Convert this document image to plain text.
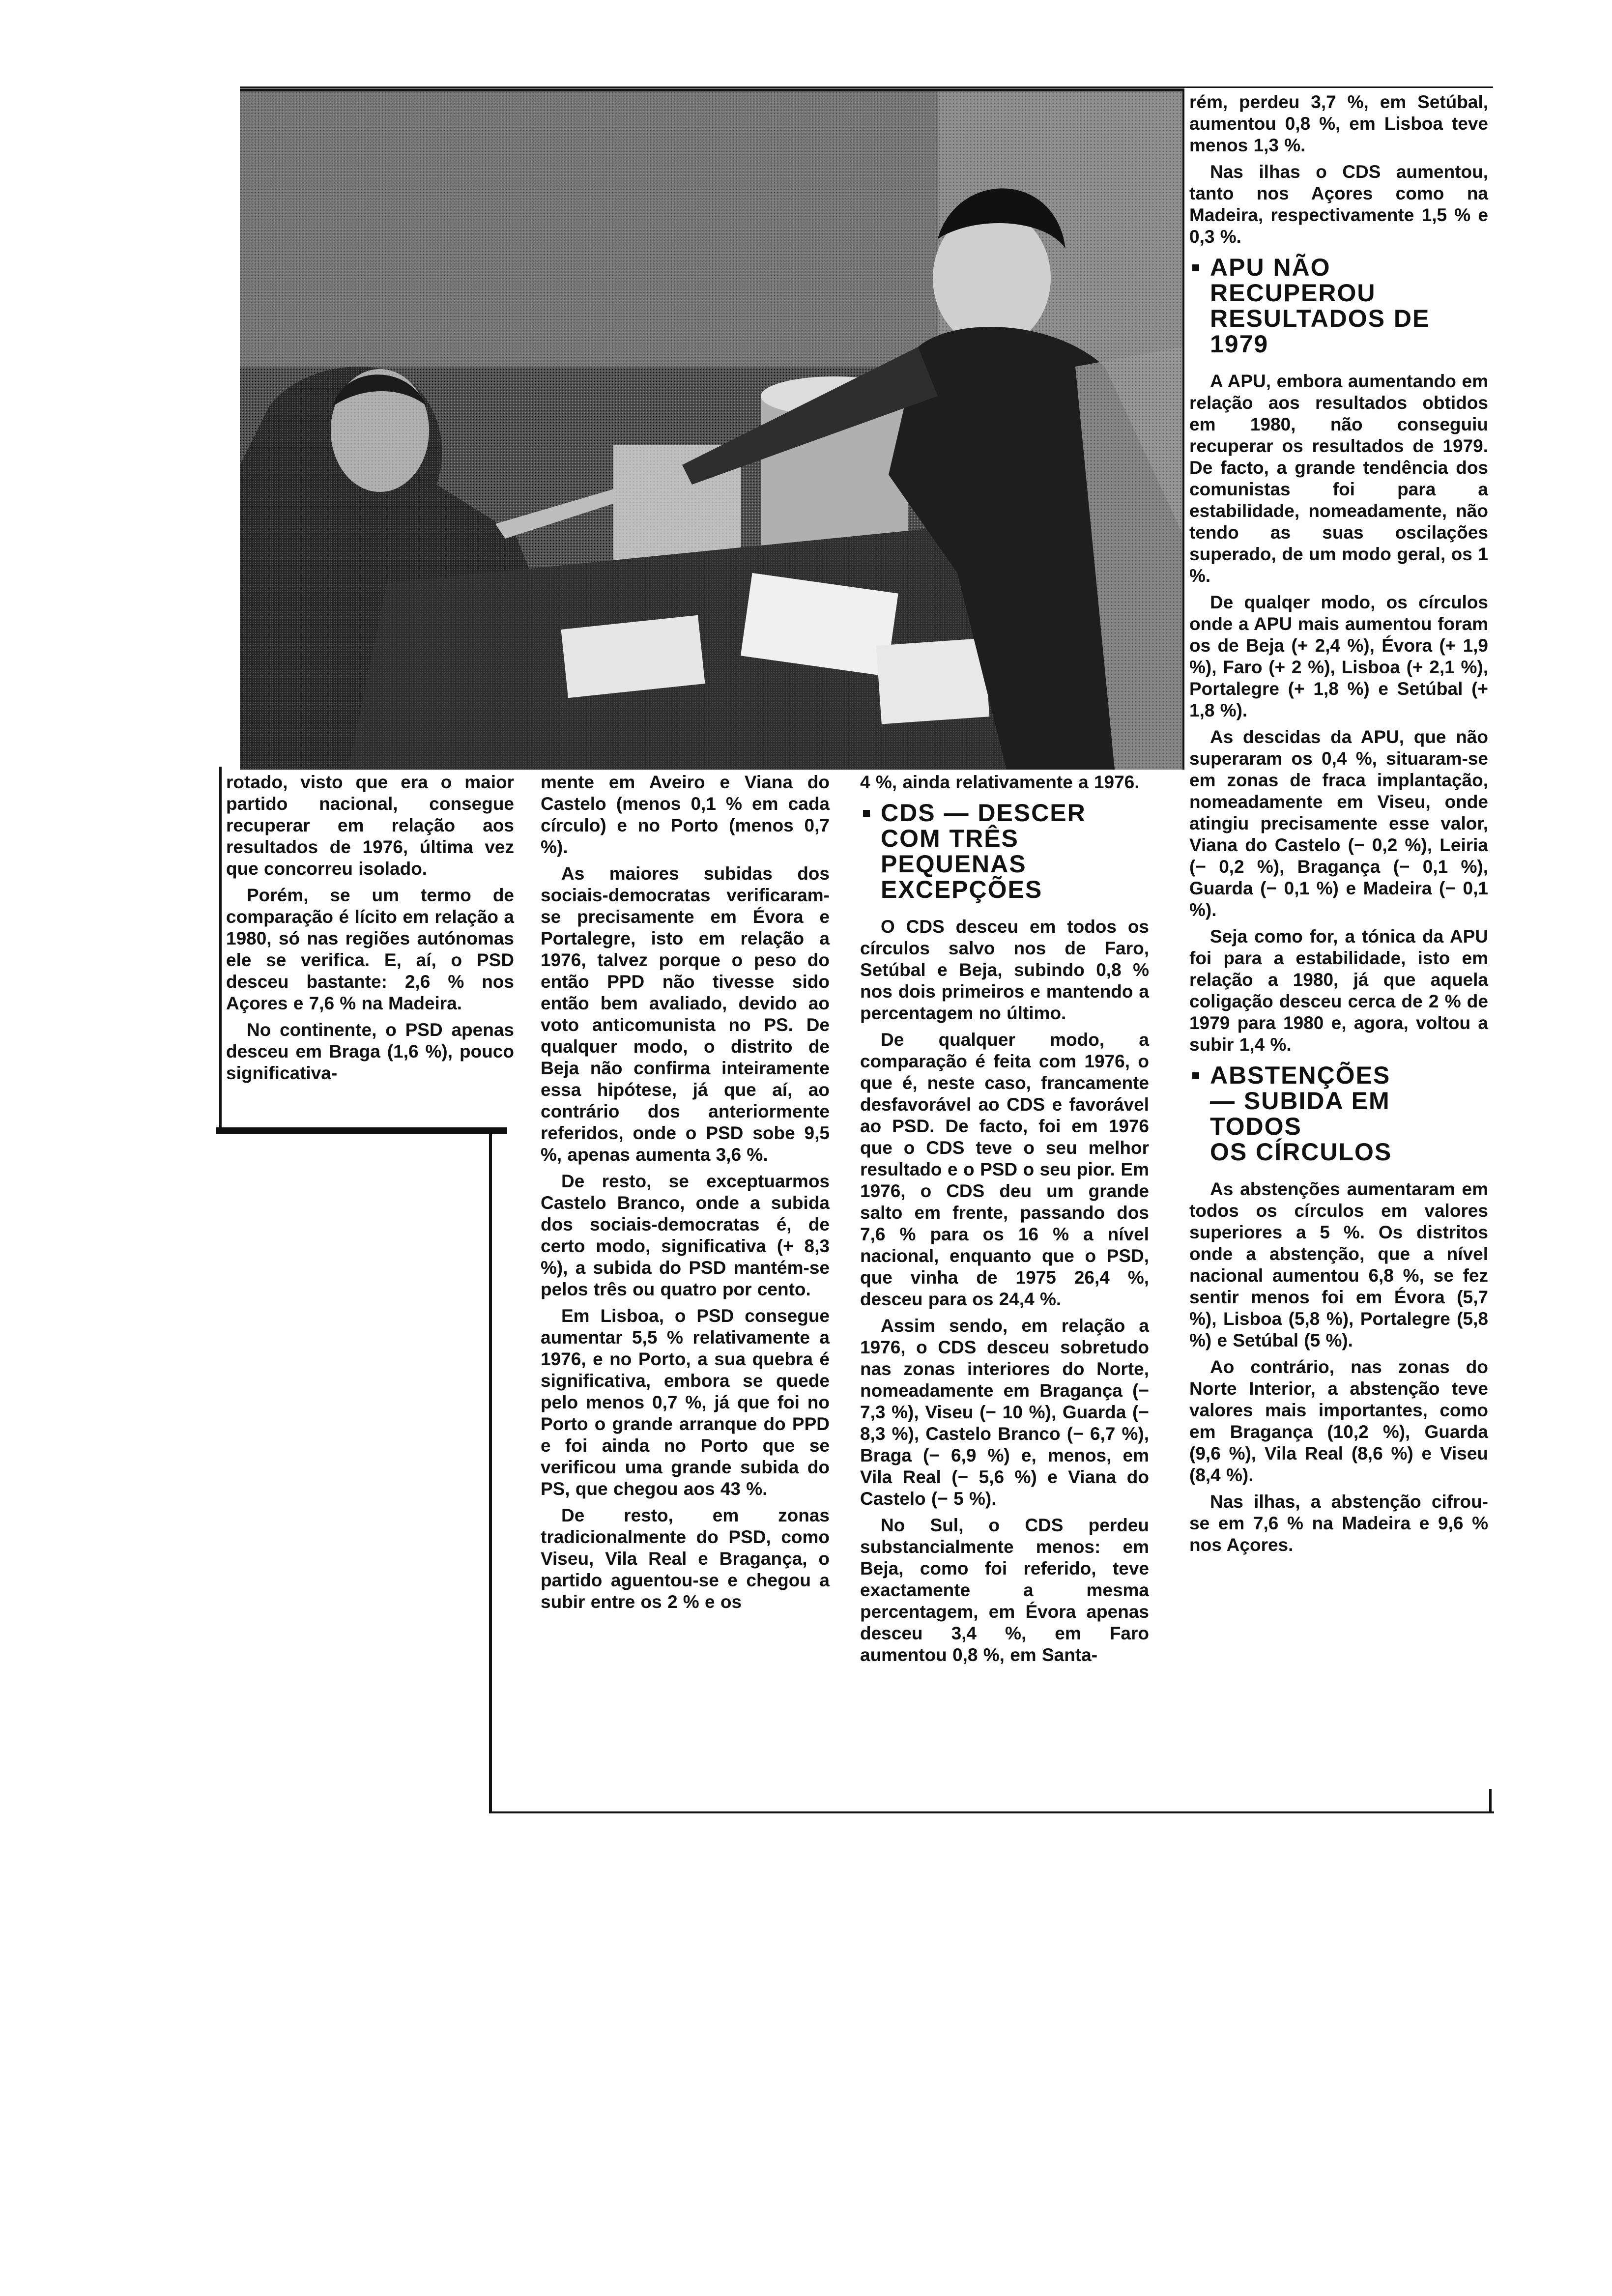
rotado, visto que era o maior partido nacional, consegue recuperar em relação aos resultados de 1976, última vez que concorreu isolado.

Porém, se um termo de comparação é lícito em relação a 1980, só nas regiões autónomas ele se verifica. E, aí, o PSD desceu bastante: 2,6 % nos Açores e 7,6 % na Madeira.

No continente, o PSD apenas desceu em Braga (1,6 %), pouco significativa-

mente em Aveiro e Viana do Castelo (menos 0,1 % em cada círculo) e no Porto (menos 0,7 %).

As maiores subidas dos sociais-democratas verificaram-se precisamente em Évora e Portalegre, isto em relação a 1976, talvez porque o peso do então PPD não tivesse sido então bem avaliado, devido ao voto anticomunista no PS. De qualquer modo, o distrito de Beja não confirma inteiramente essa hipótese, já que aí, ao contrário dos anteriormente referidos, onde o PSD sobe 9,5 %, apenas aumenta 3,6 %.

De resto, se exceptuarmos Castelo Branco, onde a subida dos sociais-democratas é, de certo modo, significativa (+ 8,3 %), a subida do PSD mantém-se pelos três ou quatro por cento.

Em Lisboa, o PSD consegue aumentar 5,5 % relativamente a 1976, e no Porto, a sua quebra é significativa, embora se quede pelo menos 0,7 %, já que foi no Porto o grande arranque do PPD e foi ainda no Porto que se verificou uma grande subida do PS, que chegou aos 43 %.

De resto, em zonas tradicionalmente do PSD, como Viseu, Vila Real e Bragança, o partido aguentou-se e chegou a subir entre os 2 % e os

4 %, ainda relativamente a 1976.

CDS — DESCER
COM TRÊS
PEQUENAS
EXCEPÇÕES

O CDS desceu em todos os círculos salvo nos de Faro, Setúbal e Beja, subindo 0,8 % nos dois primeiros e mantendo a percentagem no último.

De qualquer modo, a comparação é feita com 1976, o que é, neste caso, francamente desfavorável ao CDS e favorável ao PSD. De facto, foi em 1976 que o CDS teve o seu melhor resultado e o PSD o seu pior. Em 1976, o CDS deu um grande salto em frente, passando dos 7,6 % para os 16 % a nível nacional, enquanto que o PSD, que vinha de 1975 26,4 %, desceu para os 24,4 %.

Assim sendo, em relação a 1976, o CDS desceu sobretudo nas zonas interiores do Norte, nomeadamente em Bragança (− 7,3 %), Viseu (− 10 %), Guarda (− 8,3 %), Castelo Branco (− 6,7 %), Braga (− 6,9 %) e, menos, em Vila Real (− 5,6 %) e Viana do Castelo (− 5 %).

No Sul, o CDS perdeu substancialmente menos: em Beja, como foi referido, teve exactamente a mesma percentagem, em Évora apenas desceu 3,4 %, em Faro aumentou 0,8 %, em Santa-

rém, perdeu 3,7 %, em Setúbal, aumentou 0,8 %, em Lisboa teve menos 1,3 %.

Nas ilhas o CDS aumentou, tanto nos Açores como na Madeira, respectivamente 1,5 % e 0,3 %.

APU NÃO
RECUPEROU
RESULTADOS DE
1979

A APU, embora aumentando em relação aos resultados obtidos em 1980, não conseguiu recuperar os resultados de 1979. De facto, a grande tendência dos comunistas foi para a estabilidade, nomeadamente, não tendo as suas oscilações superado, de um modo geral, os 1 %.

De qualqer modo, os círculos onde a APU mais aumentou foram os de Beja (+ 2,4 %), Évora (+ 1,9 %), Faro (+ 2 %), Lisboa (+ 2,1 %), Portalegre (+ 1,8 %) e Setúbal (+ 1,8 %).

As descidas da APU, que não superaram os 0,4 %, situaram-se em zonas de fraca implantação, nomeadamente em Viseu, onde atingiu precisamente esse valor, Viana do Castelo (− 0,2 %), Leiria (− 0,2 %), Bragança (− 0,1 %), Guarda (− 0,1 %) e Madeira (− 0,1 %).

Seja como for, a tónica da APU foi para a estabilidade, isto em relação a 1980, já que aquela coligação desceu cerca de 2 % de 1979 para 1980 e, agora, voltou a subir 1,4 %.

ABSTENÇÕES
— SUBIDA EM
TODOS
OS CÍRCULOS

As abstenções aumentaram em todos os círculos em valores superiores a 5 %. Os distritos onde a abstenção, que a nível nacional aumentou 6,8 %, se fez sentir menos foi em Évora (5,7 %), Lisboa (5,8 %), Portalegre (5,8 %) e Setúbal (5 %).

Ao contrário, nas zonas do Norte Interior, a abstenção teve valores mais importantes, como em Bragança (10,2 %), Guarda (9,6 %), Vila Real (8,6 %) e Viseu (8,4 %).

Nas ilhas, a abstenção cifrou-se em 7,6 % na Madeira e 9,6 % nos Açores.
